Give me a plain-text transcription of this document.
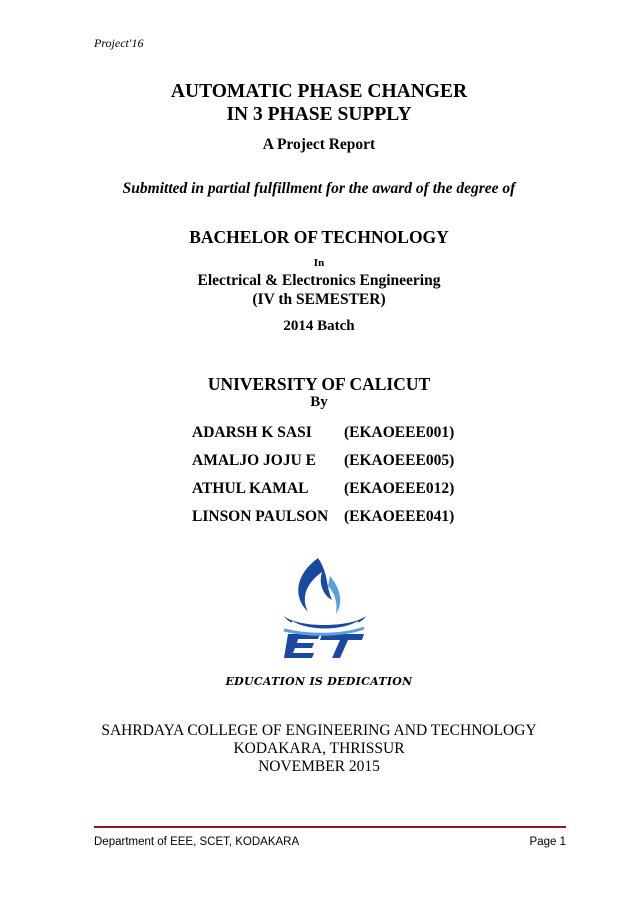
Project'16
AUTOMATIC PHASE CHANGER
IN 3 PHASE SUPPLY
A Project Report
Submitted in partial fulfillment for the award of the degree of
BACHELOR OF TECHNOLOGY
In
Electrical & Electronics Engineering
(IV th SEMESTER)
2014 Batch
UNIVERSITY OF CALICUT
By
ADARSH K SASI (EKAOEEE001)
AMALJO JOJU E (EKAOEEE005)
ATHUL KAMAL (EKAOEEE012)
LINSON PAULSON (EKAOEEE041)
EDUCATION IS DEDICATION
SAHRDAYA COLLEGE OF ENGINEERING AND TECHNOLOGY
KODAKARA, THRISSUR
NOVEMBER 2015
Department of EEE, SCET, KODAKARA	Page 1
